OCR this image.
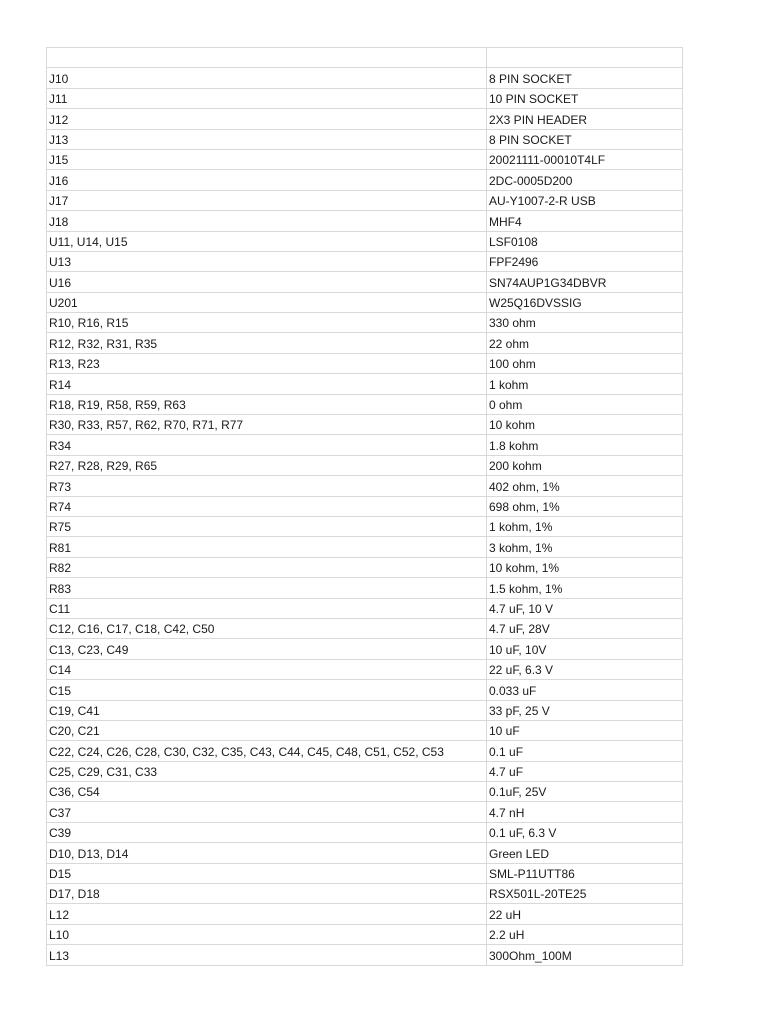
J10	8 PIN SOCKET
J11	10 PIN SOCKET
J12	2X3 PIN HEADER
J13	8 PIN SOCKET
J15	20021111-00010T4LF
J16	2DC-0005D200
J17	AU-Y1007-2-R USB
J18	MHF4
U11, U14, U15	LSF0108
U13	FPF2496
U16	SN74AUP1G34DBVR
U201	W25Q16DVSSIG
R10, R16, R15	330 ohm
R12, R32, R31, R35	22 ohm
R13, R23	100 ohm
R14	1 kohm
R18, R19, R58, R59, R63	0 ohm
R30, R33, R57, R62, R70, R71, R77	10 kohm
R34	1.8 kohm
R27, R28, R29, R65	200 kohm
R73	402 ohm, 1%
R74	698 ohm, 1%
R75	1 kohm, 1%
R81	3 kohm, 1%
R82	10 kohm, 1%
R83	1.5 kohm, 1%
C11	4.7 uF, 10 V
C12, C16, C17, C18, C42, C50	4.7 uF, 28V
C13, C23, C49	10 uF, 10V
C14	22 uF, 6.3 V
C15	0.033 uF
C19, C41	33 pF, 25 V
C20, C21	10 uF
C22, C24, C26, C28, C30, C32, C35, C43, C44, C45, C48, C51, C52, C53	0.1 uF
C25, C29, C31, C33	4.7 uF
C36, C54	0.1uF, 25V
C37	4.7 nH
C39	0.1 uF, 6.3 V
D10, D13, D14	Green LED
D15	SML-P11UTT86
D17, D18	RSX501L-20TE25
L12	22 uH
L10	2.2 uH
L13	300Ohm_100M
